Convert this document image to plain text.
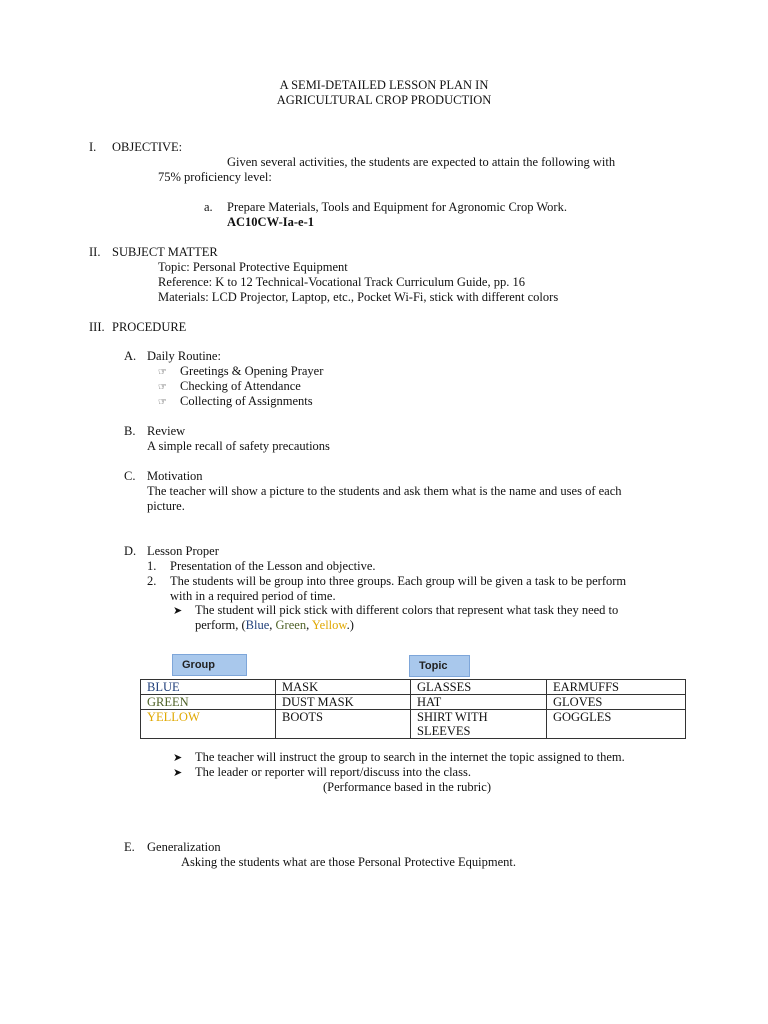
A SEMI-DETAILED LESSON PLAN IN
AGRICULTURAL CROP PRODUCTION
I. OBJECTIVE:
Given several activities, the students are expected to attain the following with
75% proficiency level:
a. Prepare Materials, Tools and Equipment for Agronomic Crop Work.
AC10CW-Ia-e-1
II. SUBJECT MATTER
Topic: Personal Protective Equipment
Reference: K to 12 Technical-Vocational Track Curriculum Guide, pp. 16
Materials: LCD Projector, Laptop, etc., Pocket Wi-Fi, stick with different colors
III. PROCEDURE
A. Daily Routine:
☞ Greetings & Opening Prayer
☞ Checking of Attendance
☞ Collecting of Assignments
B. Review
A simple recall of safety precautions
C. Motivation
The teacher will show a picture to the students and ask them what is the name and uses of each
picture.
D. Lesson Proper
1. Presentation of the Lesson and objective.
2. The students will be group into three groups. Each group will be given a task to be perform
with in a required period of time.
➤ The student will pick stick with different colors that represent what task they need to
perform, (Blue, Green, Yellow.)
Group	Topic
BLUE	MASK	GLASSES	EARMUFFS
GREEN	DUST MASK	HAT	GLOVES
YELLOW	BOOTS	SHIRT WITH SLEEVES	GOGGLES
➤ The teacher will instruct the group to search in the internet the topic assigned to them.
➤ The leader or reporter will report/discuss into the class.
(Performance based in the rubric)
E. Generalization
Asking the students what are those Personal Protective Equipment.
